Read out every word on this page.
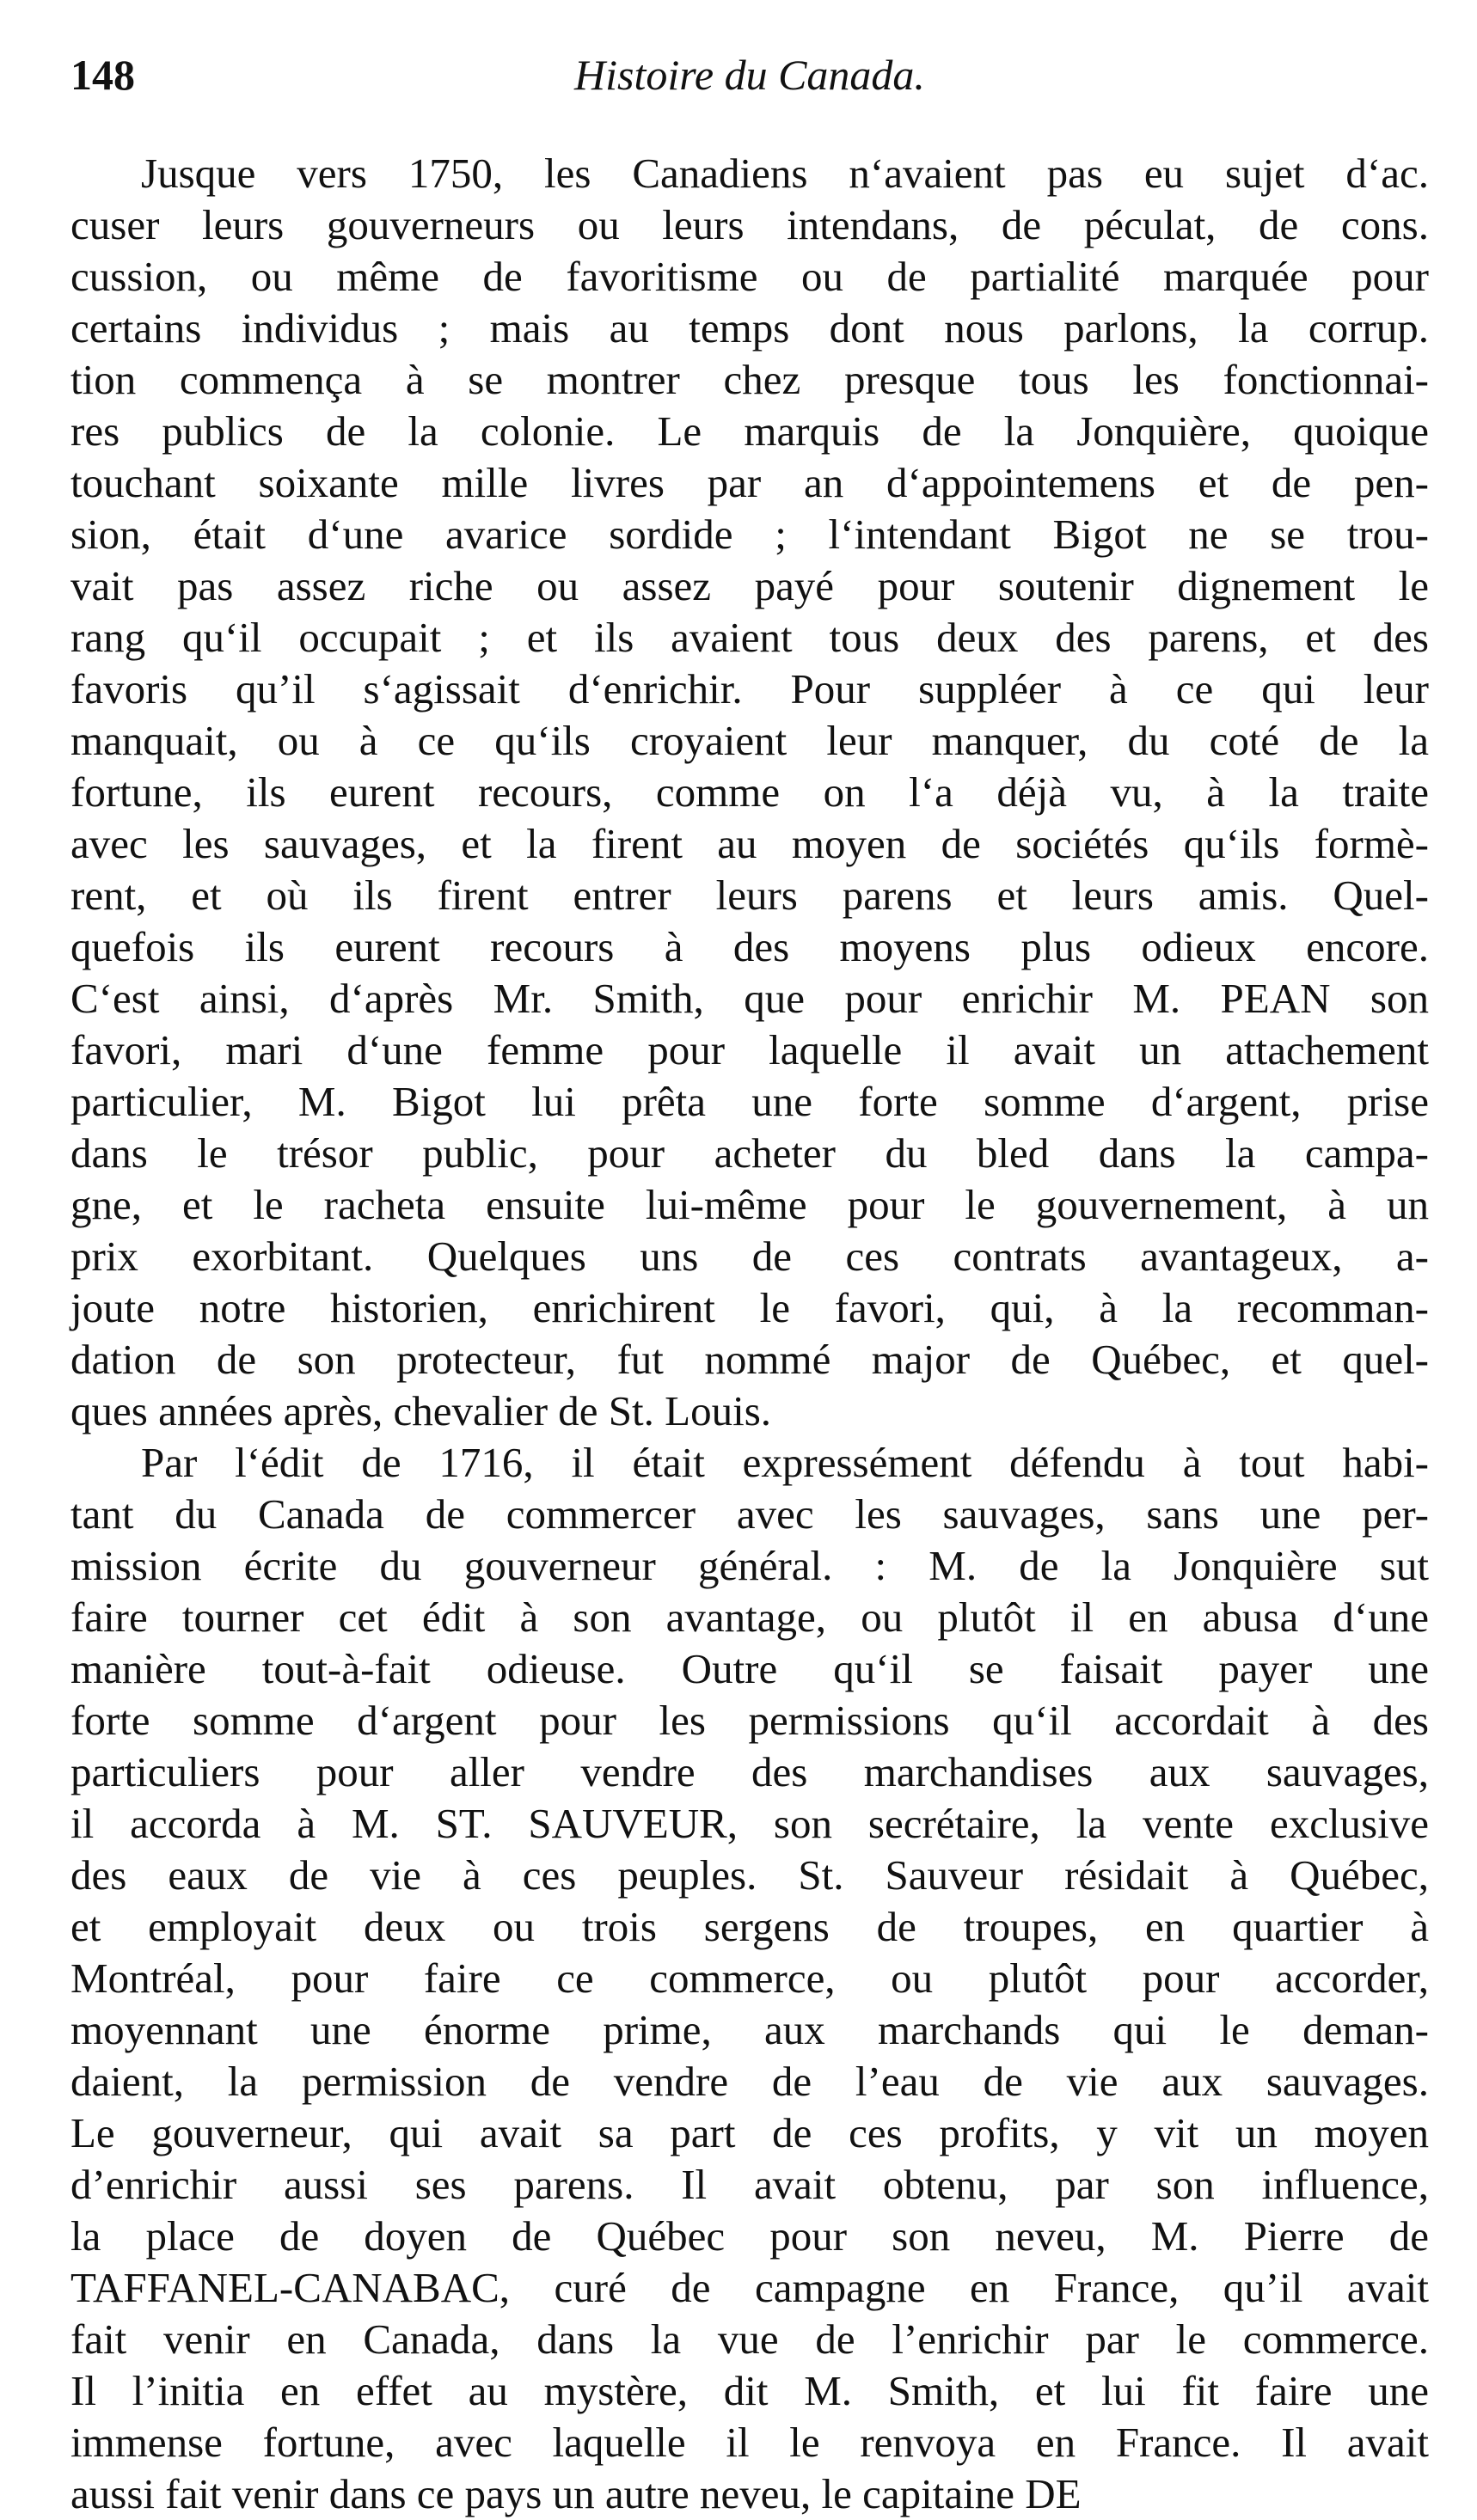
148	Histoire du Canada.
Jusque vers 1750, les Canadiens n‘avaient pas eu sujet d‘ac.
cuser leurs gouverneurs ou leurs intendans, de péculat, de cons.
cussion, ou même de favoritisme ou de partialité marquée pour
certains individus ; mais au temps dont nous parlons, la corrup.
tion commença à se montrer chez presque tous les fonctionnai-
res publics de la colonie. Le marquis de la Jonquière, quoique
touchant soixante mille livres par an d‘appointemens et de pen-
sion, était d‘une avarice sordide ; l‘intendant Bigot ne se trou-
vait pas assez riche ou assez payé pour soutenir dignement le
rang qu‘il occupait ; et ils avaient tous deux des parens, et des
favoris qu’il s‘agissait d‘enrichir. Pour suppléer à ce qui leur
manquait, ou à ce qu‘ils croyaient leur manquer, du coté de la
fortune, ils eurent recours, comme on l‘a déjà vu, à la traite
avec les sauvages, et la firent au moyen de sociétés qu‘ils formè-
rent, et où ils firent entrer leurs parens et leurs amis. Quel-
quefois ils eurent recours à des moyens plus odieux encore.
C‘est ainsi, d‘après Mr. Smith, que pour enrichir M. PEAN son
favori, mari d‘une femme pour laquelle il avait un attachement
particulier, M. Bigot lui prêta une forte somme d‘argent, prise
dans le trésor public, pour acheter du bled dans la campa-
gne, et le racheta ensuite lui-même pour le gouvernement, à un
prix exorbitant. Quelques uns de ces contrats avantageux, a-
joute notre historien, enrichirent le favori, qui, à la recomman-
dation de son protecteur, fut nommé major de Québec, et quel-
ques années après, chevalier de St. Louis.
Par l‘édit de 1716, il était expressément défendu à tout habi-
tant du Canada de commercer avec les sauvages, sans une per-
mission écrite du gouverneur général. : M. de la Jonquière sut
faire tourner cet édit à son avantage, ou plutôt il en abusa d‘une
manière tout-à-fait odieuse. Outre qu‘il se faisait payer une
forte somme d‘argent pour les permissions qu‘il accordait à des
particuliers pour aller vendre des marchandises aux sauvages,
il accorda à M. ST. SAUVEUR, son secrétaire, la vente exclusive
des eaux de vie à ces peuples. St. Sauveur résidait à Québec,
et employait deux ou trois sergens de troupes, en quartier à
Montréal, pour faire ce commerce, ou plutôt pour accorder,
moyennant une énorme prime, aux marchands qui le deman-
daient, la permission de vendre de l’eau de vie aux sauvages.
Le gouverneur, qui avait sa part de ces profits, y vit un moyen
d’enrichir aussi ses parens. Il avait obtenu, par son influence,
la place de doyen de Québec pour son neveu, M. Pierre de
TAFFANEL-CANABAC, curé de campagne en France, qu’il avait
fait venir en Canada, dans la vue de l’enrichir par le commerce.
Il l’initia en effet au mystère, dit M. Smith, et lui fit faire une
immense fortune, avec laquelle il le renvoya en France. Il avait
aussi fait venir dans ce pays un autre neveu, le capitaine DE
